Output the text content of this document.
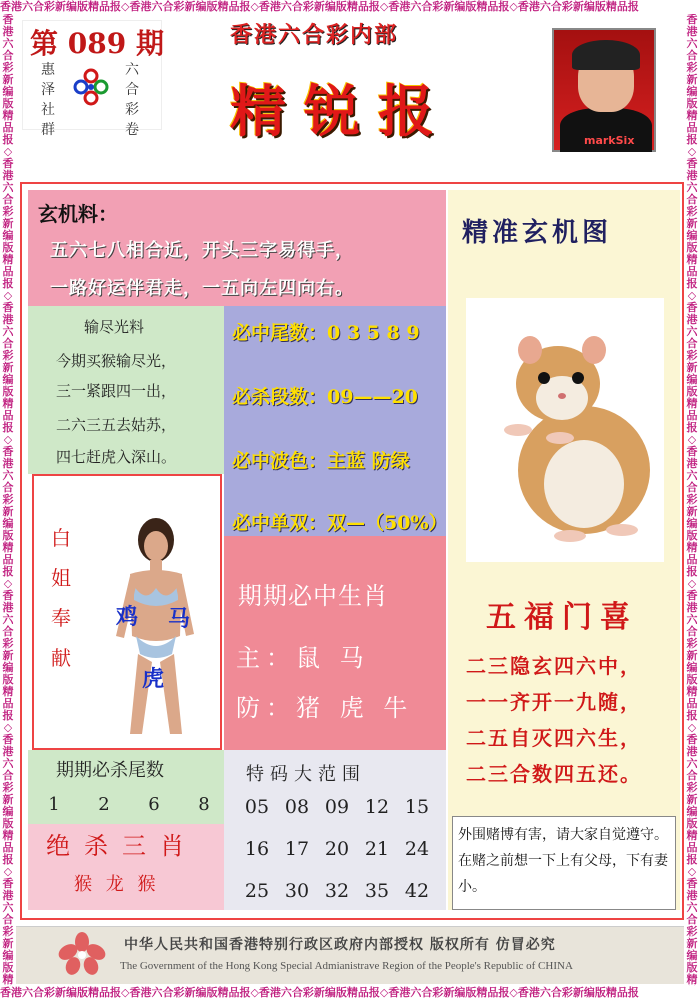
香港六合彩新编版精品报◇香港六合彩新编版精品报◇香港六合彩新编版精品报◇香港六合彩新编版精品报◇香港六合彩新编版精品报
香港六合彩新编版精品报◇香港六合彩新编版精品报◇香港六合彩新编版精品报◇香港六合彩新编版精品报◇香港六合彩新编版精品报
香港六合彩新编版精品报◇香港六合彩新编版精品报◇香港六合彩新编版精品报◇香港六合彩新编版精品报◇香港六合彩新编版精品报◇香港六合彩新编版精品报◇香港六合彩新编版精
香港六合彩新编版精品报◇香港六合彩新编版精品报◇香港六合彩新编版精品报◇香港六合彩新编版精品报◇香港六合彩新编版精品报◇香港六合彩新编版精品报◇香港六合彩新编版精
第 089 期
惠泽社群
六合彩卷
香港六合彩内部
精锐报	markSix
玄机料：
五六七八相合近，开头三字易得手，
一路好运伴君走，一五向左四向右。
输尽光料
今期买猴输尽光，
三一紧跟四一出，
二六三五去姑苏，
四七赶虎入深山。
白
姐
奉
献
鸡 马
虎
必中尾数：0 3 5 8 9
必杀段数：09——20
必中波色：主蓝 防绿
必中单双：双—（50%）
期期必中生肖
主：鼠 马
防：猪 虎 牛
期期必杀尾数
1	2	6	8
绝杀三肖
猴 龙 猴
特码大范围
05 08 09 12 15
16 17 20 21 24
25 30 32 35 42
精准玄机图
五福门喜
二三隐玄四六中，
一一齐开一九随，
二五自灭四六生，
二三合数四五还。
外围赌博有害，请大家自觉遵守。在赌之前想一下上有父母，下有妻小。
中华人民共和国香港特别行政区政府内部授权 版权所有 仿冒必究
The Government of the Hong Kong Special Admianistrave Region of the People's Republic of CHINA
